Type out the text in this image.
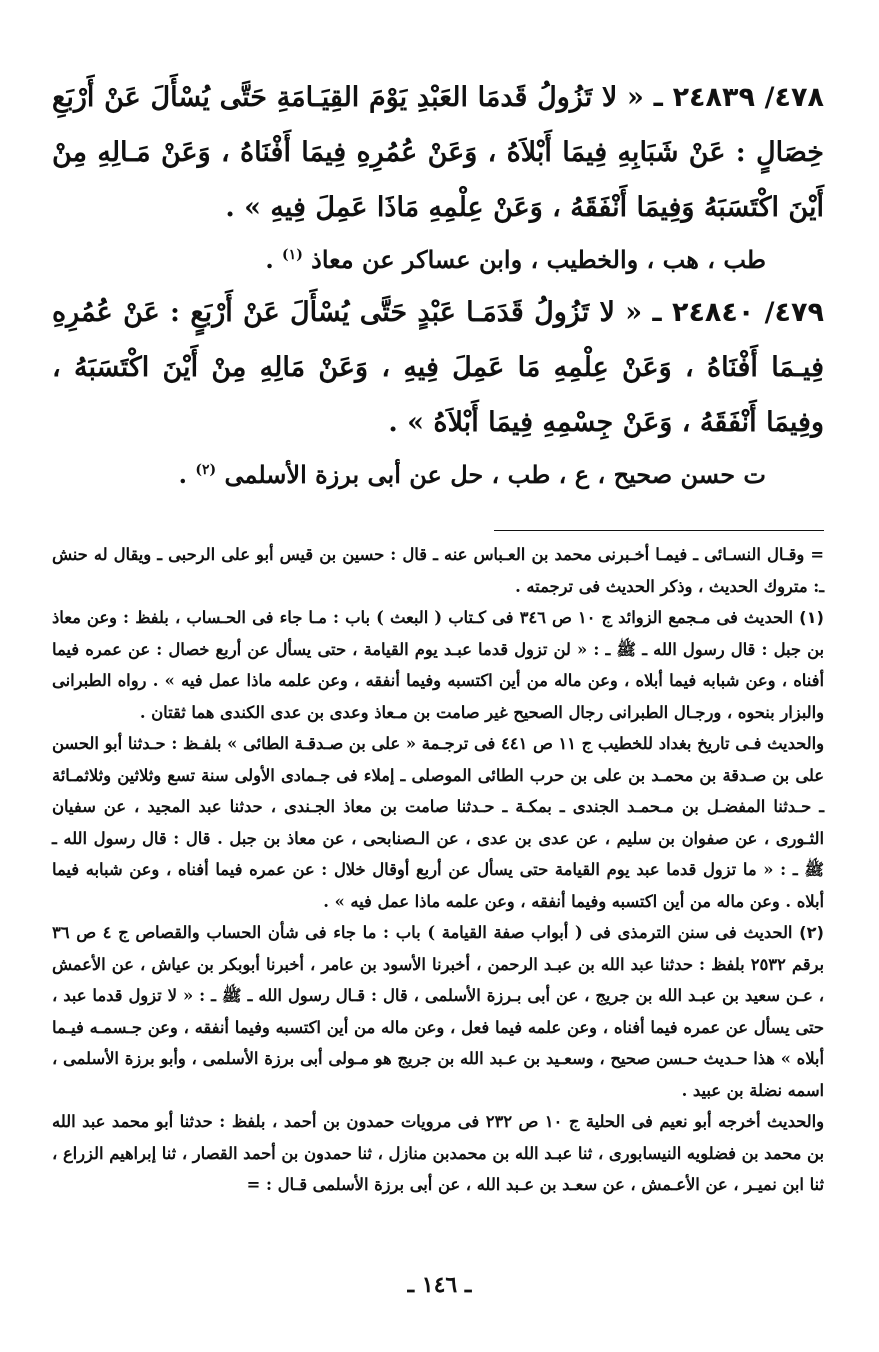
٤٧٨/ ٢٤٨٣٩ ـ « لا تَزُولُ قَدمَا العَبْدِ يَوْمَ القِيَـامَةِ حَتَّى يُسْأَلَ عَنْ أَرْبَعِ خِصَالٍ : عَنْ شَبَابِهِ فِيمَا أَبْلاَهُ ، وَعَنْ عُمُرِهِ فِيمَا أَفْنَاهُ ، وَعَنْ مَـالِهِ مِنْ أَيْنَ اكْتَسَبَهُ وَفِيمَا أَنْفَقَهُ ، وَعَنْ عِلْمِهِ مَاذَا عَمِلَ فِيهِ » .

طب ، هب ، والخطيب ، وابن عساكر عن معاذ $^{(١)}$ .

٤٧٩/ ٢٤٨٤٠ ـ « لا تَزُولُ قَدَمَـا عَبْدٍ حَتَّى يُسْأَلَ عَنْ أَرْبَعٍ : عَنْ عُمُرِهِ فِيـمَا أَفْنَاهُ ، وَعَنْ عِلْمِهِ مَا عَمِلَ فِيهِ ، وَعَنْ مَالِهِ مِنْ أَيْنَ اكْتَسَبَهُ ، وفِيمَا أَنْفَقَهُ ، وَعَنْ جِسْمِهِ فِيمَا أَبْلاَهُ » .

ت حسن صحيح ، ع ، طب ، حل عن أبى برزة الأسلمى $^{(٢)}$ .

= وقـال النسـائى ـ فيمـا أخـبرنى محمد بن العـباس عنه ـ قال : حسين بن قيس أبو على الرحبى ـ ويقال له حنش ـ: متروك الحديث ، وذكر الحديث فى ترجمته .

(١) الحديث فى مـجمع الزوائد ج ١٠ ص ٣٤٦ فى كـتاب ( البعث ) باب : مـا جاء فى الحـساب ، بلفظ : وعن معاذ بن جبل : قال رسول الله ـ ﷺ ـ : « لن تزول قدما عبـد يوم القيامة ، حتى يسأل عن أربع خصال : عن عمره فيما أفناه ، وعن شبابه فيما أبلاه ، وعن ماله من أين اكتسبه وفيما أنفقه ، وعن علمه ماذا عمل فيه » . رواه الطبرانى والبزار بنحوه ، ورجـال الطبرانى رجال الصحيح غير صامت بن مـعاذ وعدى بن عدى الكندى هما ثقتان .

والحديث فـى تاريخ بغداد للخطيب ج ١١ ص ٤٤١ فى ترجـمة « على بن صـدقـة الطائى » بلفـظ : حـدثنا أبو الحسن على بن صـدقة بن محمـد بن على بن حرب الطائى الموصلى ـ إملاء فى جـمادى الأولى سنة تسع وثلاثين وثلاثمـائة ـ حـدثنا المفضـل بن مـحمـد الجندى ـ بمكـة ـ حـدثنا صامت بن معاذ الجـندى ، حدثنا عبد المجيد ، عن سفيان الثـورى ، عن صفوان بن سليم ، عن عدى بن عدى ، عن الـصنابحى ، عن معاذ بن جبل . قال : قال رسول الله ـ ﷺ ـ : « ما تزول قدما عبد يوم القيامة حتى يسأل عن أربع أوقال خلال : عن عمره فيما أفناه ، وعن شبابه فيما أبلاه . وعن ماله من أين اكتسبه وفيما أنفقه ، وعن علمه ماذا عمل فيه » .

(٢) الحديث فى سنن الترمذى فى ( أبواب صفة القيامة ) باب : ما جاء فى شأن الحساب والقصاص ج ٤ ص ٣٦ برقم ٢٥٣٢ بلفظ : حدثنا عبد الله بن عبـد الرحمن ، أخبرنا الأسود بن عامر ، أخبرنا أبوبكر بن عياش ، عن الأعمش ، عـن سعيد بن عبـد الله بن جريج ، عن أبى بـرزة الأسلمى ، قال : قـال رسول الله ـ ﷺ ـ : « لا تزول قدما عبد ، حتى يسأل عن عمره فيما أفناه ، وعن علمه فيما فعل ، وعن ماله من أين اكتسبه وفيما أنفقه ، وعن جـسمـه فيـما أبلاه » هذا حـديث حـسن صحيح ، وسعـيد بن عـبد الله بن جريج هو مـولى أبى برزة الأسلمى ، وأبو برزة الأسلمى ، اسمه نضلة بن عبيد .

والحديث أخرجه أبو نعيم فى الحلية ج ١٠ ص ٢٣٢ فى مرويات حمدون بن أحمد ، بلفظ : حدثنا أبو محمد عبد الله بن محمد بن فضلويه النيسابورى ، ثنا عبـد الله بن محمدبن منازل ، ثنا حمدون بن أحمد القصار ، ثنا إبراهيم الزراع ، ثنا ابن نميـر ، عن الأعـمش ، عن سعـد بن عـبد الله ، عن أبى برزة الأسلمى قـال : =

ـ ١٤٦ ـ
